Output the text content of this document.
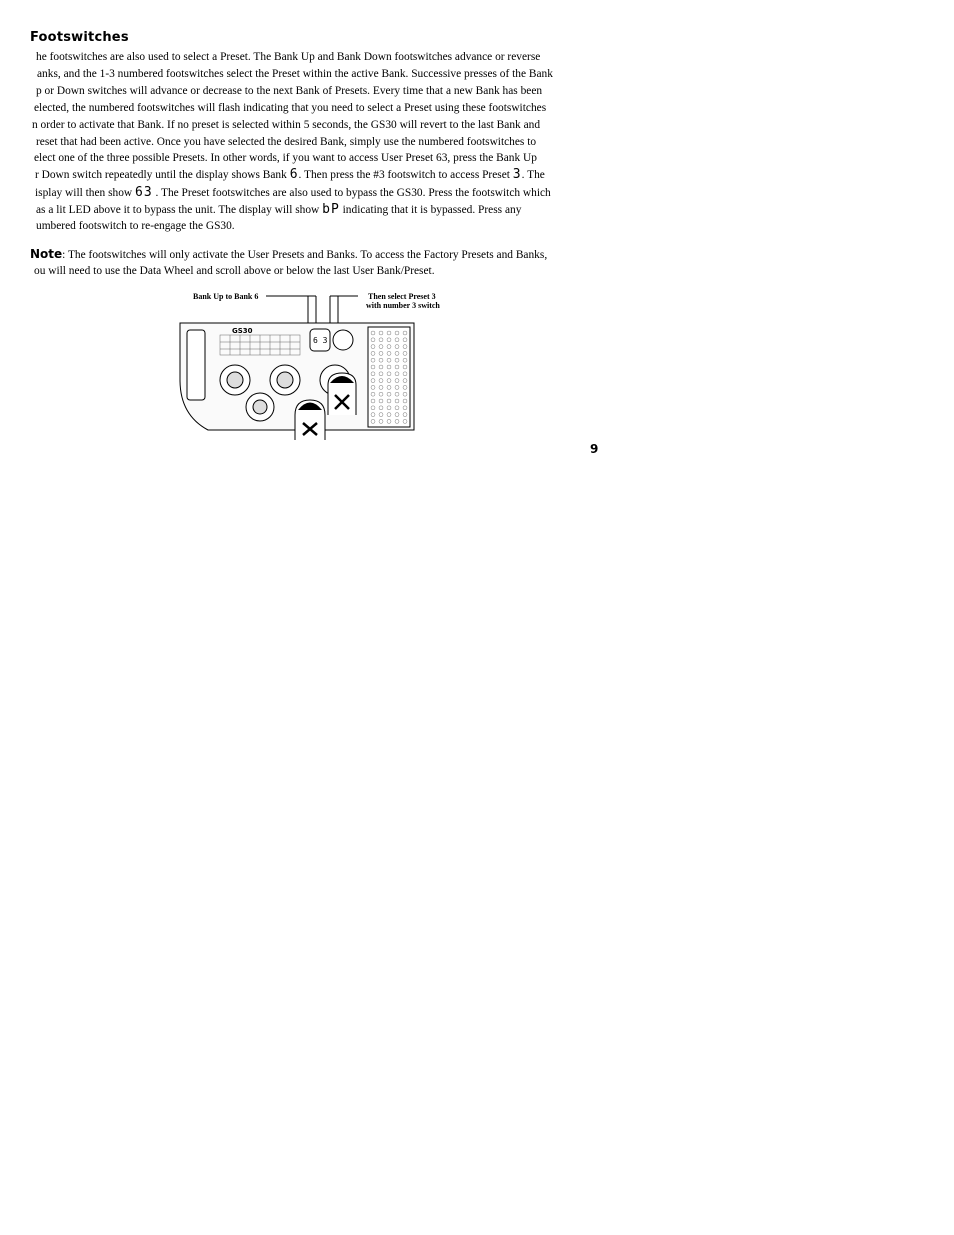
Footswitches
he footswitches are also used to select a Preset. The Bank Up and Bank Down footswitches advance or reverse
anks, and the 1-3 numbered footswitches select the Preset within the active Bank. Successive presses of the Bank
p or Down switches will advance or decrease to the next Bank of Presets. Every time that a new Bank has been
elected, the numbered footswitches will flash indicating that you need to select a Preset using these footswitches
n order to activate that Bank. If no preset is selected within 5 seconds, the GS30 will revert to the last Bank and
reset that had been active. Once you have selected the desired Bank, simply use the numbered footswitches to
elect one of the three possible Presets. In other words, if you want to access User Preset 63, press the Bank Up
r Down switch repeatedly until the display shows Bank 6. Then press the #3 footswitch to access Preset 3. The
isplay will then show 63 . The Preset footswitches are also used to bypass the GS30. Press the footswitch which
as a lit LED above it to bypass the unit. The display will show bP indicating that it is bypassed. Press any
umbered footswitch to re-engage the GS30.
Note: The footswitches will only activate the User Presets and Banks. To access the Factory Presets and Banks,
ou will need to use the Data Wheel and scroll above or below the last User Bank/Preset.
Bank Up to Bank 6	Then select Preset 3
with number 3 switch
GS30
6 3
9
